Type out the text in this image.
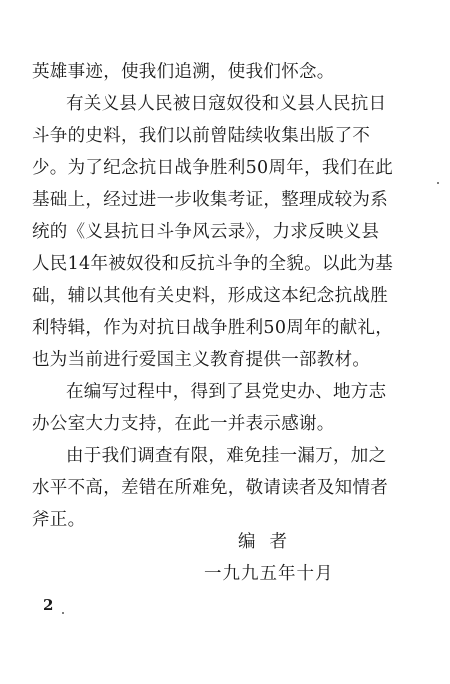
英雄事迹，使我们追溯，使我们怀念。
有关义县人民被日寇奴役和义县人民抗日
斗争的史料，我们以前曾陆续收集出版了不
少。为了纪念抗日战争胜利50周年，我们在此
基础上，经过进一步收集考证，整理成较为系
统的《义县抗日斗争风云录》，力求反映义县
人民14年被奴役和反抗斗争的全貌。以此为基
础，辅以其他有关史料，形成这本纪念抗战胜
利特辑，作为对抗日战争胜利50周年的献礼，
也为当前进行爱国主义教育提供一部教材。
在编写过程中，得到了县党史办、地方志
办公室大力支持，在此一并表示感谢。
由于我们调查有限，难免挂一漏万，加之
水平不高，差错在所难免，敬请读者及知情者
斧正。
编者
一九九五年十月
2
